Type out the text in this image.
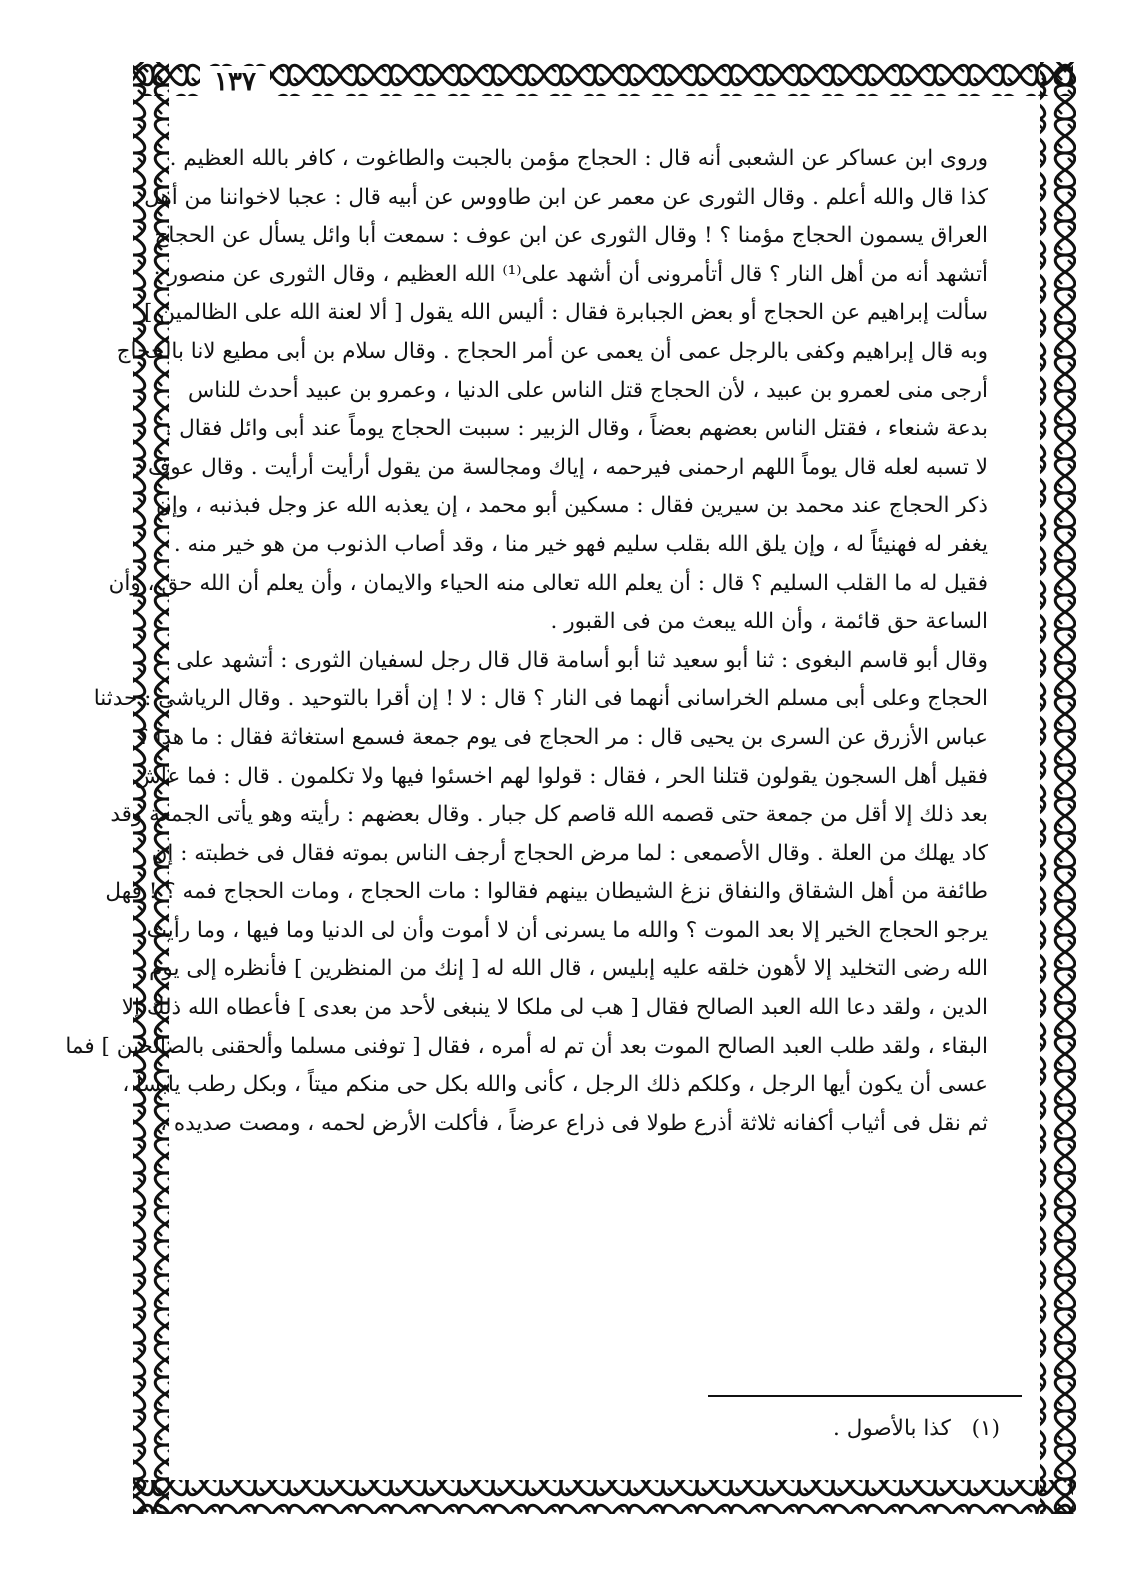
١٣٧
وروى ابن عساكر عن الشعبى أنه قال : الحجاج مؤمن بالجبت والطاغوت ، كافر بالله العظيم .
كذا قال والله أعلم . وقال الثورى عن معمر عن ابن طاووس عن أبيه قال : عجبا لاخواننا من أهل
العراق يسمون الحجاج مؤمنا ؟ ! وقال الثورى عن ابن عوف : سمعت أبا وائل يسأل عن الحجاج
أتشهد أنه من أهل النار ؟ قال أتأمرونى أن أشهد على⁽¹⁾ الله العظيم ، وقال الثورى عن منصور :
سألت إبراهيم عن الحجاج أو بعض الجبابرة فقال : أليس الله يقول [ ألا لعنة الله على الظالمين ]
وبه قال إبراهيم وكفى بالرجل عمى أن يعمى عن أمر الحجاج . وقال سلام بن أبى مطيع لانا بالحجاج
أرجى منى لعمرو بن عبيد ، لأن الحجاج قتل الناس على الدنيا ، وعمرو بن عبيد أحدث للناس
بدعة شنعاء ، فقتل الناس بعضهم بعضاً ، وقال الزبير : سببت الحجاج يوماً عند أبى وائل فقال :
لا تسبه لعله قال يوماً اللهم ارحمنى فيرحمه ، إياك ومجالسة من يقول أرأيت أرأيت . وقال عوف :
ذكر الحجاج عند محمد بن سيرين فقال : مسكين أبو محمد ، إن يعذبه الله عز وجل فبذنبه ، وإن
يغفر له فهنيئاً له ، وإن يلق الله بقلب سليم فهو خير منا ، وقد أصاب الذنوب من هو خير منه .
فقيل له ما القلب السليم ؟ قال : أن يعلم الله تعالى منه الحياء والايمان ، وأن يعلم أن الله حق ، وأن
الساعة حق قائمة ، وأن الله يبعث من فى القبور .
وقال أبو قاسم البغوى : ثنا أبو سعيد ثنا أبو أسامة قال قال رجل لسفيان الثورى : أتشهد على
الحجاج وعلى أبى مسلم الخراسانى أنهما فى النار ؟ قال : لا ! إن أقرا بالتوحيد . وقال الرياشى : حدثنا
عباس الأزرق عن السرى بن يحيى قال : مر الحجاج فى يوم جمعة فسمع استغاثة فقال : ما هذا ؟
فقيل أهل السجون يقولون قتلنا الحر ، فقال : قولوا لهم اخسئوا فيها ولا تكلمون . قال : فما عاش
بعد ذلك إلا أقل من جمعة حتى قصمه الله قاصم كل جبار . وقال بعضهم : رأيته وهو يأتى الجمعة وقد
كاد يهلك من العلة . وقال الأصمعى : لما مرض الحجاج أرجف الناس بموته فقال فى خطبته : إن
طائفة من أهل الشقاق والنفاق نزغ الشيطان بينهم فقالوا : مات الحجاج ، ومات الحجاج فمه ؟ ! فهل
يرجو الحجاج الخير إلا بعد الموت ؟ والله ما يسرنى أن لا أموت وأن لى الدنيا وما فيها ، وما رأيت
الله رضى التخليد إلا لأهون خلقه عليه إبليس ، قال الله له [ إنك من المنظرين ] فأنظره إلى يوم
الدين ، ولقد دعا الله العبد الصالح فقال [ هب لى ملكا لا ينبغى لأحد من بعدى ] فأعطاه الله ذلك إلا
البقاء ، ولقد طلب العبد الصالح الموت بعد أن تم له أمره ، فقال [ توفنى مسلما وألحقنى بالصالحين ] فما
عسى أن يكون أيها الرجل ، وكلكم ذلك الرجل ، كأنى والله بكل حى منكم ميتاً ، وبكل رطب يابساً ،
ثم نقل فى أثياب أكفانه ثلاثة أذرع طولا فى ذراع عرضاً ، فأكلت الأرض لحمه ، ومصت صديده ،
(١) كذا بالأصول .
